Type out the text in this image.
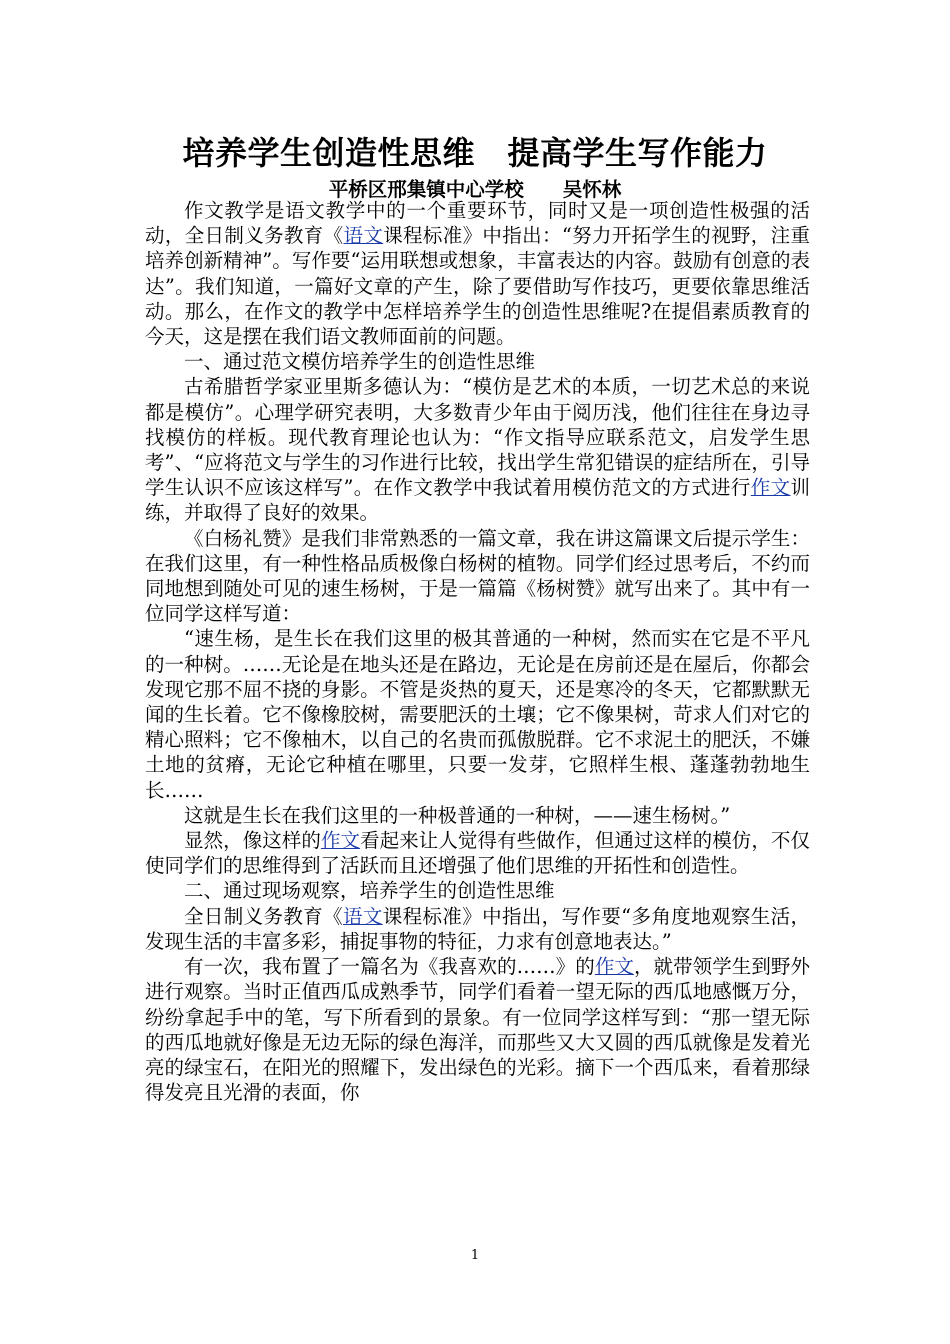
培养学生创造性思维　提高学生写作能力
平桥区邢集镇中心学校　　吴怀林

作文教学是语文教学中的一个重要环节，同时又是一项创造性极强的活动，全日制义务教育《语文课程标准》中指出：“努力开拓学生的视野，注重培养创新精神”。写作要“运用联想或想象，丰富表达的内容。鼓励有创意的表达”。我们知道，一篇好文章的产生，除了要借助写作技巧，更要依靠思维活动。那么，在作文的教学中怎样培养学生的创造性思维呢?在提倡素质教育的今天，这是摆在我们语文教师面前的问题。

一、通过范文模仿培养学生的创造性思维

古希腊哲学家亚里斯多德认为：“模仿是艺术的本质，一切艺术总的来说都是模仿”。心理学研究表明，大多数青少年由于阅历浅，他们往往在身边寻找模仿的样板。现代教育理论也认为：“作文指导应联系范文，启发学生思考”、“应将范文与学生的习作进行比较，找出学生常犯错误的症结所在，引导学生认识不应该这样写”。在作文教学中我试着用模仿范文的方式进行作文训练，并取得了良好的效果。

《白杨礼赞》是我们非常熟悉的一篇文章，我在讲这篇课文后提示学生：在我们这里，有一种性格品质极像白杨树的植物。同学们经过思考后，不约而同地想到随处可见的速生杨树，于是一篇篇《杨树赞》就写出来了。其中有一位同学这样写道：

“速生杨，是生长在我们这里的极其普通的一种树，然而实在它是不平凡的一种树。……无论是在地头还是在路边，无论是在房前还是在屋后，你都会发现它那不屈不挠的身影。不管是炎热的夏天，还是寒冷的冬天，它都默默无闻的生长着。它不像橡胶树，需要肥沃的土壤；它不像果树，苛求人们对它的精心照料；它不像柚木，以自己的名贵而孤傲脱群。它不求泥土的肥沃，不嫌土地的贫瘠，无论它种植在哪里，只要一发芽，它照样生根、蓬蓬勃勃地生长……

这就是生长在我们这里的一种极普通的一种树，——速生杨树。”

显然，像这样的作文看起来让人觉得有些做作，但通过这样的模仿，不仅使同学们的思维得到了活跃而且还增强了他们思维的开拓性和创造性。

二、通过现场观察，培养学生的创造性思维

全日制义务教育《语文课程标准》中指出，写作要“多角度地观察生活，发现生活的丰富多彩，捕捉事物的特征，力求有创意地表达。”

有一次，我布置了一篇名为《我喜欢的……》的作文，就带领学生到野外进行观察。当时正值西瓜成熟季节，同学们看着一望无际的西瓜地感慨万分，纷纷拿起手中的笔，写下所看到的景象。有一位同学这样写到：“那一望无际的西瓜地就好像是无边无际的绿色海洋，而那些又大又圆的西瓜就像是发着光亮的绿宝石，在阳光的照耀下，发出绿色的光彩。摘下一个西瓜来，看着那绿得发亮且光滑的表面，你

1
